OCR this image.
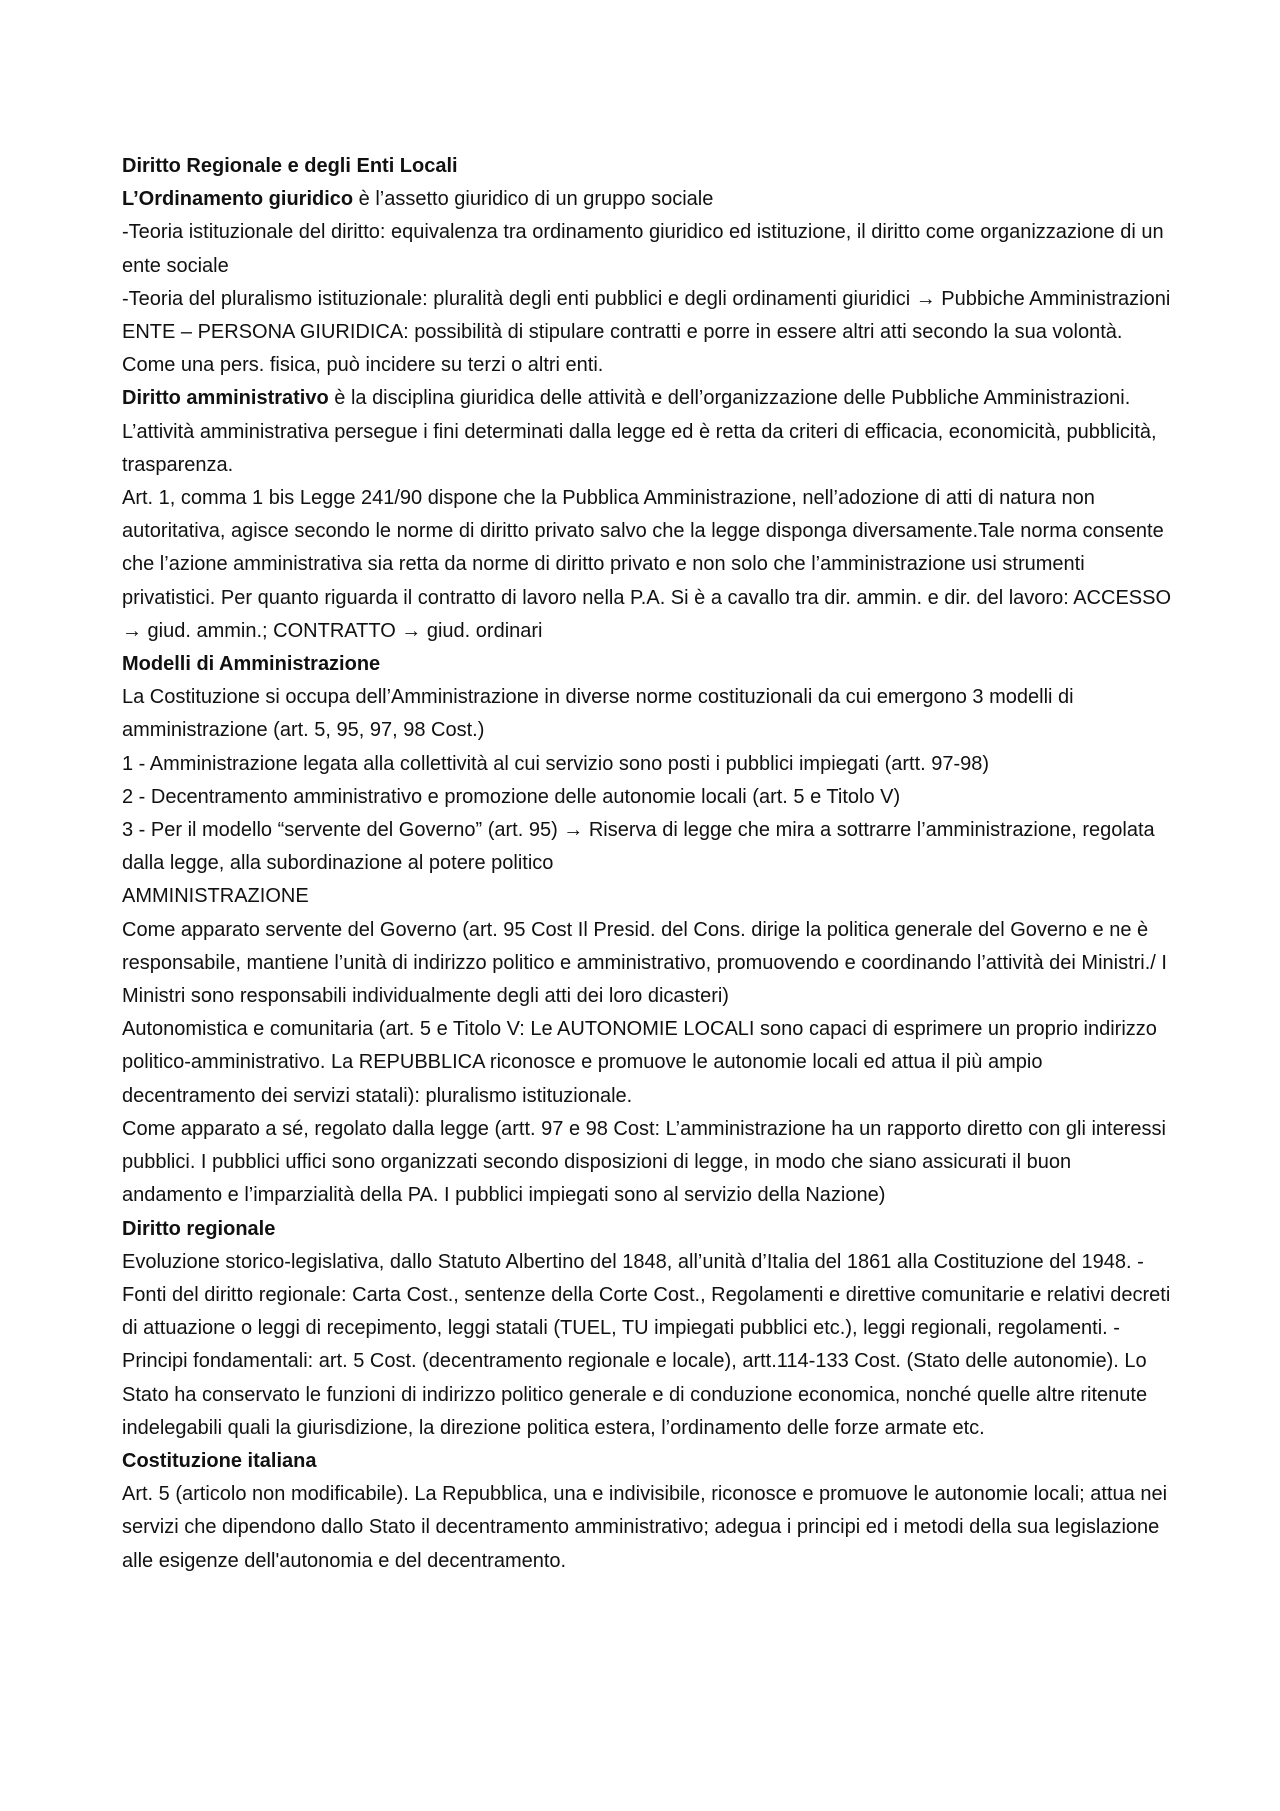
Diritto Regionale e degli Enti Locali

L’Ordinamento giuridico è l’assetto giuridico di un gruppo sociale

-Teoria istituzionale del diritto: equivalenza tra ordinamento giuridico ed istituzione, il diritto come organizzazione di un ente sociale

-Teoria del pluralismo istituzionale: pluralità degli enti pubblici e degli ordinamenti giuridici → Pubbiche Amministrazioni

ENTE – PERSONA GIURIDICA: possibilità di stipulare contratti e porre in essere altri atti secondo la sua volontà. Come una pers. fisica, può incidere su terzi o altri enti.

Diritto amministrativo è la disciplina giuridica delle attività e dell’organizzazione delle Pubbliche Amministrazioni. L’attività amministrativa persegue i fini determinati dalla legge ed è retta da criteri di efficacia, economicità, pubblicità, trasparenza.

Art. 1, comma 1 bis Legge 241/90 dispone che la Pubblica Amministrazione, nell’adozione di atti di natura non autoritativa, agisce secondo le norme di diritto privato salvo che la legge disponga diversamente.Tale norma consente che l’azione amministrativa sia retta da norme di diritto privato e non solo che l’amministrazione usi strumenti privatistici. Per quanto riguarda il contratto di lavoro nella P.A. Si è a cavallo tra dir. ammin. e dir. del lavoro: ACCESSO → giud. ammin.; CONTRATTO → giud. ordinari

Modelli di Amministrazione

La Costituzione si occupa dell’Amministrazione in diverse norme costituzionali da cui emergono 3 modelli di amministrazione (art. 5, 95, 97, 98 Cost.)

1 - Amministrazione legata alla collettività al cui servizio sono posti i pubblici impiegati (artt. 97-98)

2 - Decentramento amministrativo e promozione delle autonomie locali (art. 5 e Titolo V)

3 - Per il modello “servente del Governo” (art. 95) → Riserva di legge che mira a sottrarre l’amministrazione, regolata dalla legge, alla subordinazione al potere politico

AMMINISTRAZIONE

Come apparato servente del Governo (art. 95 Cost Il Presid. del Cons. dirige la politica generale del Governo e ne è responsabile, mantiene l’unità di indirizzo politico e amministrativo, promuovendo e coordinando l’attività dei Ministri./ I Ministri sono responsabili individualmente degli atti dei loro dicasteri)

Autonomistica e comunitaria (art. 5 e Titolo V: Le AUTONOMIE LOCALI sono capaci di esprimere un proprio indirizzo politico-amministrativo. La REPUBBLICA riconosce e promuove le autonomie locali ed attua il più ampio decentramento dei servizi statali): pluralismo istituzionale.

Come apparato a sé, regolato dalla legge (artt. 97 e 98 Cost: L’amministrazione ha un rapporto diretto con gli interessi pubblici. I pubblici uffici sono organizzati secondo disposizioni di legge, in modo che siano assicurati il buon andamento e l’imparzialità della PA. I pubblici impiegati sono al servizio della Nazione)

Diritto regionale

Evoluzione storico-legislativa, dallo Statuto Albertino del 1848, all’unità d’Italia del 1861 alla Costituzione del 1948. -Fonti del diritto regionale: Carta Cost., sentenze della Corte Cost., Regolamenti e direttive comunitarie e relativi decreti di attuazione o leggi di recepimento, leggi statali (TUEL, TU impiegati pubblici etc.), leggi regionali, regolamenti. -Principi fondamentali: art. 5 Cost. (decentramento regionale e locale), artt.114-133 Cost. (Stato delle autonomie). Lo Stato ha conservato le funzioni di indirizzo politico generale e di conduzione economica, nonché quelle altre ritenute indelegabili quali la giurisdizione, la direzione politica estera, l’ordinamento delle forze armate etc.

Costituzione italiana

Art. 5 (articolo non modificabile). La Repubblica, una e indivisibile, riconosce e promuove le autonomie locali; attua nei servizi che dipendono dallo Stato il decentramento amministrativo; adegua i principi ed i metodi della sua legislazione alle esigenze dell'autonomia e del decentramento.
